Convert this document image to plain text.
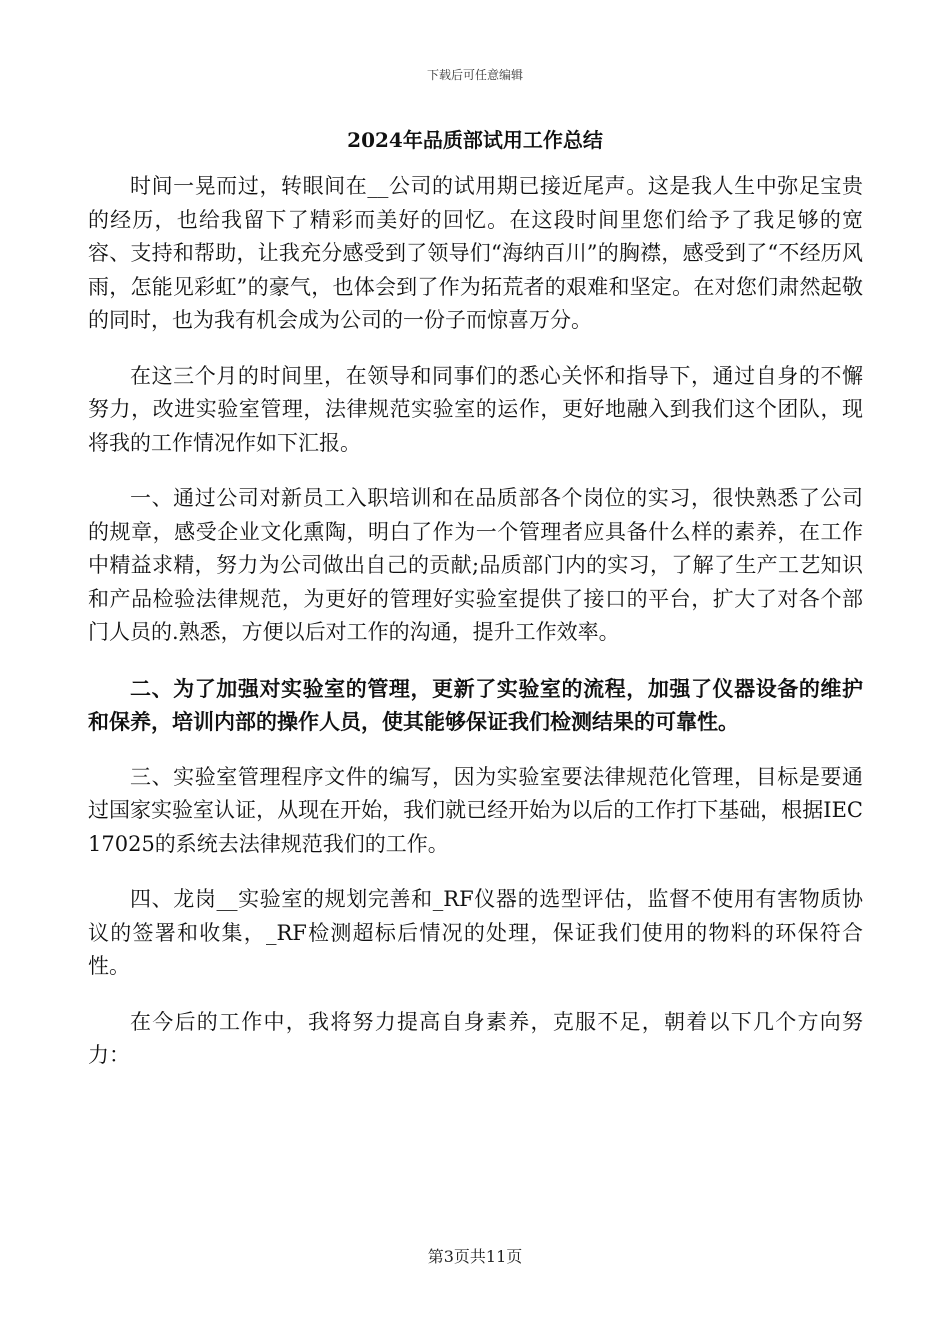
下载后可任意编辑
2024年品质部试用工作总结

时间一晃而过，转眼间在__公司的试用期已接近尾声。这是我人生中弥足宝贵的经历，也给我留下了精彩而美好的回忆。在这段时间里您们给予了我足够的宽容、支持和帮助，让我充分感受到了领导们“海纳百川”的胸襟，感受到了“不经历风雨，怎能见彩虹”的豪气，也体会到了作为拓荒者的艰难和坚定。在对您们肃然起敬的同时，也为我有机会成为公司的一份子而惊喜万分。

在这三个月的时间里，在领导和同事们的悉心关怀和指导下，通过自身的不懈努力，改进实验室管理，法律规范实验室的运作，更好地融入到我们这个团队，现将我的工作情况作如下汇报。

一、通过公司对新员工入职培训和在品质部各个岗位的实习，很快熟悉了公司的规章，感受企业文化熏陶，明白了作为一个管理者应具备什么样的素养，在工作中精益求精，努力为公司做出自己的贡献;品质部门内的实习，了解了生产工艺知识和产品检验法律规范，为更好的管理好实验室提供了接口的平台，扩大了对各个部门人员的.熟悉，方便以后对工作的沟通，提升工作效率。

二、为了加强对实验室的管理，更新了实验室的流程，加强了仪器设备的维护和保养，培训内部的操作人员，使其能够保证我们检测结果的可靠性。

三、实验室管理程序文件的编写，因为实验室要法律规范化管理，目标是要通过国家实验室认证，从现在开始，我们就已经开始为以后的工作打下基础，根据IEC17025的系统去法律规范我们的工作。

四、龙岗__实验室的规划完善和_RF仪器的选型评估，监督不使用有害物质协议的签署和收集，_RF检测超标后情况的处理，保证我们使用的物料的环保符合性。

在今后的工作中，我将努力提高自身素养，克服不足，朝着以下几个方向努力：

第3页共11页
